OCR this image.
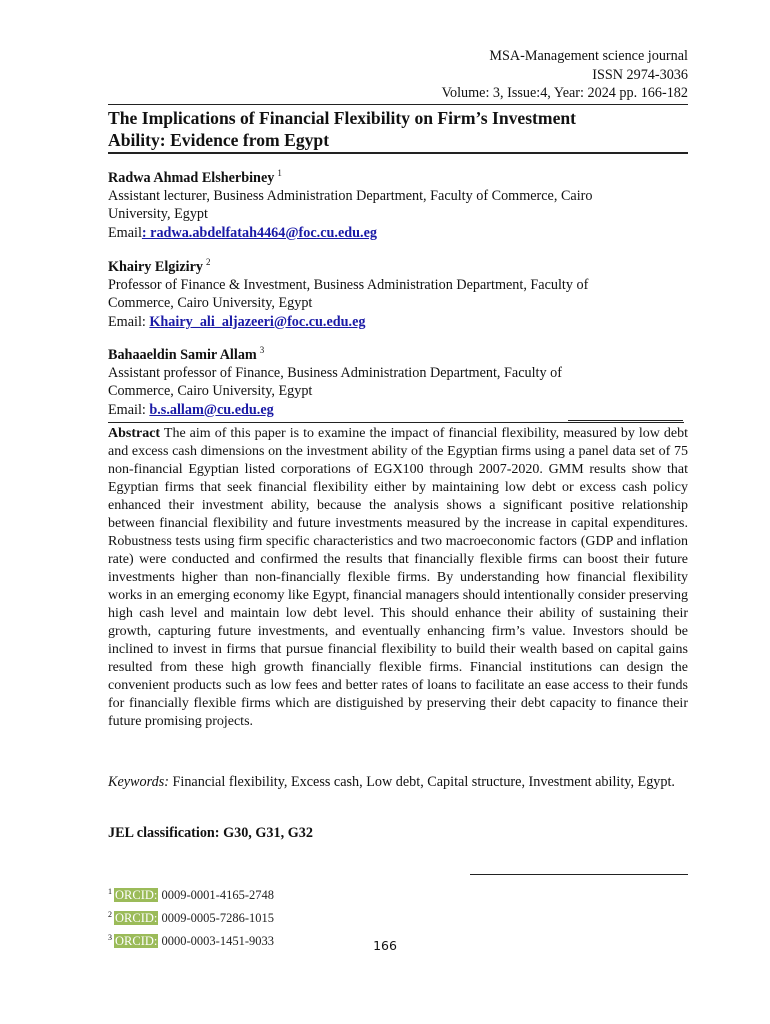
MSA-Management science journal
ISSN 2974-3036
Volume: 3, Issue:4, Year: 2024 pp. 166-182
The Implications of Financial Flexibility on Firm’s Investment
Ability: Evidence from Egypt
Radwa Ahmad Elsherbiney $^1$
Assistant lecturer, Business Administration Department, Faculty of Commerce, Cairo
University, Egypt
Email: radwa.abdelfatah4464@foc.cu.edu.eg
Khairy Elgiziry $^2$
Professor of Finance & Investment, Business Administration Department, Faculty of
Commerce, Cairo University, Egypt
Email: Khairy_ali_aljazeeri@foc.cu.edu.eg
Bahaaeldin Samir Allam $^3$
Assistant professor of Finance, Business Administration Department, Faculty of
Commerce, Cairo University, Egypt
Email: b.s.allam@cu.edu.eg
Abstract The aim of this paper is to examine the impact of financial flexibility, measured by low debt and excess cash dimensions on the investment ability of the Egyptian firms using a panel data set of 75 non-financial Egyptian listed corporations of EGX100 through 2007-2020. GMM results show that Egyptian firms that seek financial flexibility either by maintaining low debt or excess cash policy enhanced their investment ability, because the analysis shows a significant positive relationship between financial flexibility and future investments measured by the increase in capital expenditures. Robustness tests using firm specific characteristics and two macroeconomic factors (GDP and inflation rate) were conducted and confirmed the results that financially flexible firms can boost their future investments higher than non-financially flexible firms. By understanding how financial flexibility works in an emerging economy like Egypt, financial managers should intentionally consider preserving high cash level and maintain low debt level. This should enhance their ability of sustaining their growth, capturing future investments, and eventually enhancing firm’s value. Investors should be inclined to invest in firms that pursue financial flexibility to build their wealth based on capital gains resulted from these high growth financially flexible firms. Financial institutions can design the convenient products such as low fees and better rates of loans to facilitate an ease access to their funds for financially flexible firms which are distiguished by preserving their debt capacity to finance their future promising projects.
Keywords: Financial flexibility, Excess cash, Low debt, Capital structure, Investment ability, Egypt.
JEL classification: G30, G31, G32
$^1$ ORCID: 0009-0001-4165-2748
$^2$ ORCID: 0009-0005-7286-1015
$^3$ ORCID: 0000-0003-1451-9033	166
